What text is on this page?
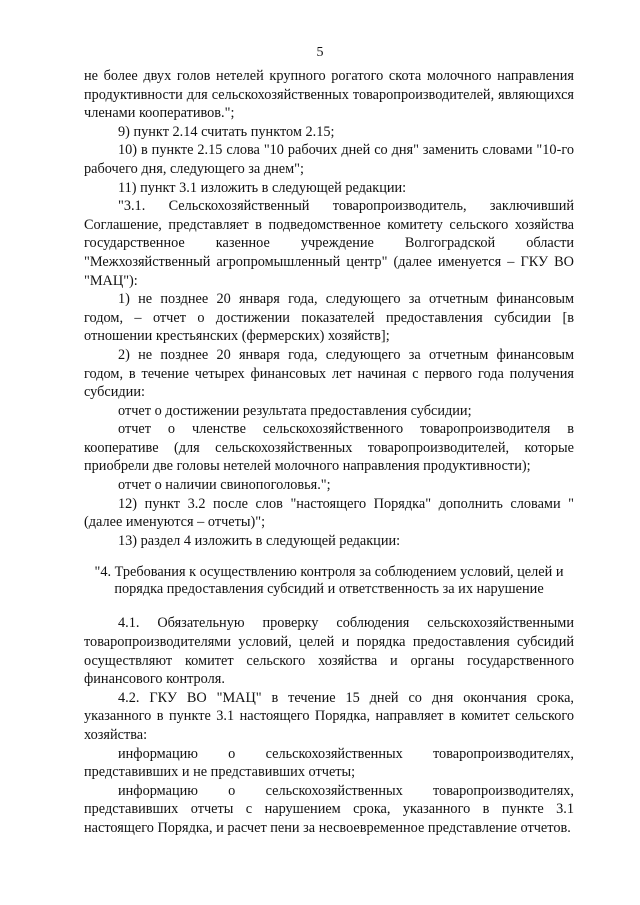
5

не более двух голов нетелей крупного рогатого скота молочного направления продуктивности для сельскохозяйственных товаропроизводителей, являющихся членами кооперативов.";

9) пункт 2.14 считать пунктом 2.15;

10) в пункте 2.15 слова "10 рабочих дней со дня" заменить словами "10-го рабочего дня, следующего за днем";

11) пункт 3.1 изложить в следующей редакции:

"3.1. Сельскохозяйственный товаропроизводитель, заключивший Соглашение, представляет в подведомственное комитету сельского хозяйства государственное казенное учреждение Волгоградской области "Межхозяйственный агропромышленный центр" (далее именуется – ГКУ ВО "МАЦ"):

1) не позднее 20 января года, следующего за отчетным финансовым годом, – отчет о достижении показателей предоставления субсидии [в отношении крестьянских (фермерских) хозяйств];

2) не позднее 20 января года, следующего за отчетным финансовым годом, в течение четырех финансовых лет начиная с первого года получения субсидии:

отчет о достижении результата предоставления субсидии;

отчет о членстве сельскохозяйственного товаропроизводителя в кооперативе (для сельскохозяйственных товаропроизводителей, которые приобрели две головы нетелей молочного направления продуктивности);

отчет о наличии свинопоголовья.";

12) пункт 3.2 после слов "настоящего Порядка" дополнить словами "(далее именуются – отчеты)";

13) раздел 4 изложить в следующей редакции:

"4. Требования к осуществлению контроля за соблюдением условий, целей и порядка предоставления субсидий и ответственность за их нарушение

4.1. Обязательную проверку соблюдения сельскохозяйственными товаропроизводителями условий, целей и порядка предоставления субсидий осуществляют комитет сельского хозяйства и органы государственного финансового контроля.

4.2. ГКУ ВО "МАЦ" в течение 15 дней со дня окончания срока, указанного в пункте 3.1 настоящего Порядка, направляет в комитет сельского хозяйства:

информацию о сельскохозяйственных товаропроизводителях, представивших и не представивших отчеты;

информацию о сельскохозяйственных товаропроизводителях, представивших отчеты с нарушением срока, указанного в пункте 3.1 настоящего Порядка, и расчет пени за несвоевременное представление отчетов.
